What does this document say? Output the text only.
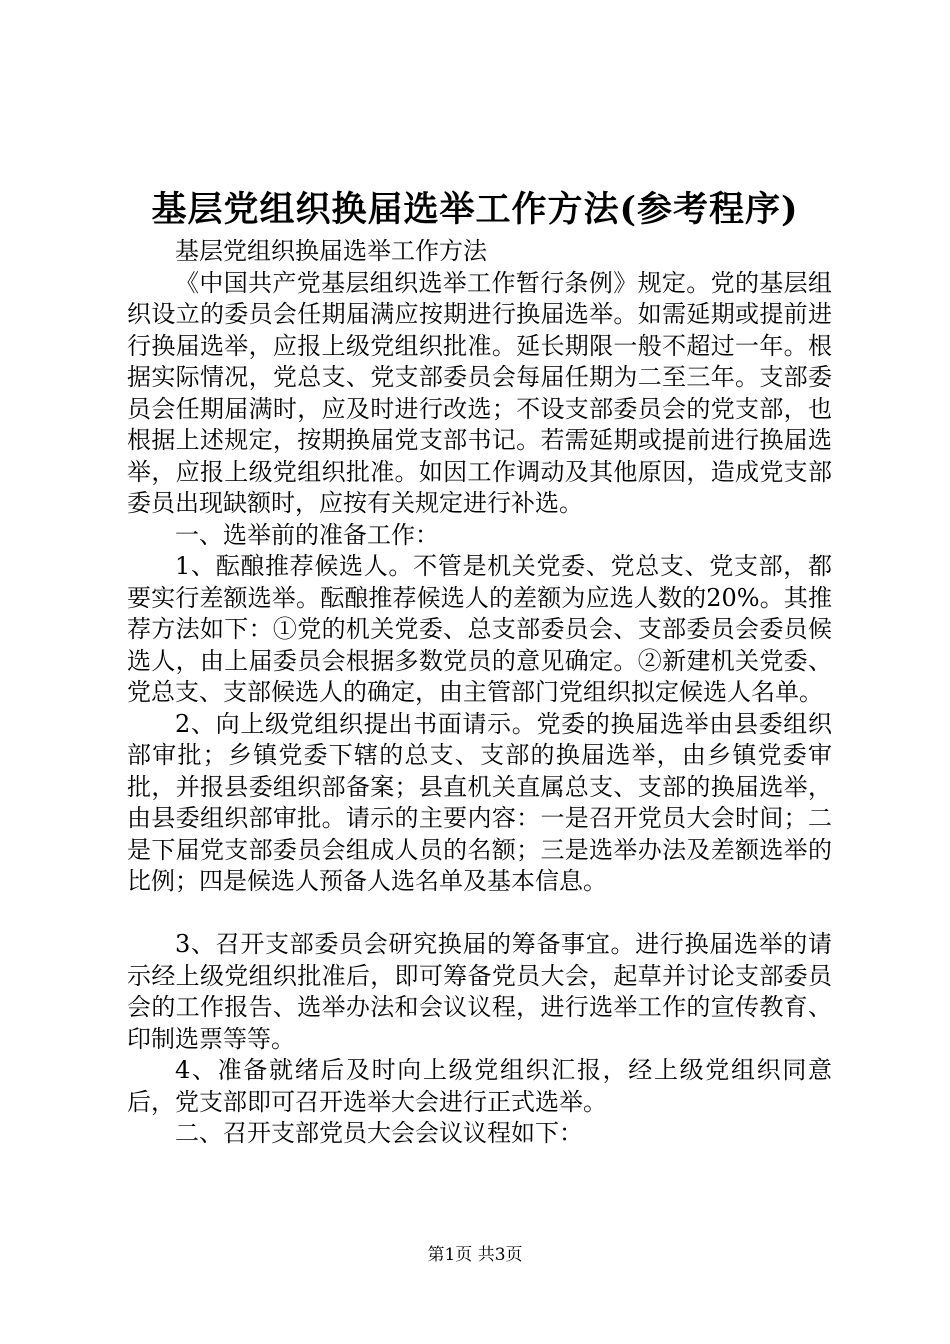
基层党组织换届选举工作方法(参考程序)

基层党组织换届选举工作方法

《中国共产党基层组织选举工作暂行条例》规定。党的基层组织设立的委员会任期届满应按期进行换届选举。如需延期或提前进行换届选举，应报上级党组织批准。延长期限一般不超过一年。根据实际情况，党总支、党支部委员会每届任期为二至三年。支部委员会任期届满时，应及时进行改选；不设支部委员会的党支部，也根据上述规定，按期换届党支部书记。若需延期或提前进行换届选举，应报上级党组织批准。如因工作调动及其他原因，造成党支部委员出现缺额时，应按有关规定进行补选。

一、选举前的准备工作：

1、酝酿推荐候选人。不管是机关党委、党总支、党支部，都要实行差额选举。酝酿推荐候选人的差额为应选人数的20%。其推荐方法如下：①党的机关党委、总支部委员会、支部委员会委员候选人，由上届委员会根据多数党员的意见确定。②新建机关党委、党总支、支部候选人的确定，由主管部门党组织拟定候选人名单。

2、向上级党组织提出书面请示。党委的换届选举由县委组织部审批；乡镇党委下辖的总支、支部的换届选举，由乡镇党委审批，并报县委组织部备案；县直机关直属总支、支部的换届选举，由县委组织部审批。请示的主要内容：一是召开党员大会时间；二是下届党支部委员会组成人员的名额；三是选举办法及差额选举的比例；四是候选人预备人选名单及基本信息。

3、召开支部委员会研究换届的筹备事宜。进行换届选举的请示经上级党组织批准后，即可筹备党员大会，起草并讨论支部委员会的工作报告、选举办法和会议议程，进行选举工作的宣传教育、印制选票等等。

4、准备就绪后及时向上级党组织汇报，经上级党组织同意后，党支部即可召开选举大会进行正式选举。

二、召开支部党员大会会议议程如下：

第1页 共3页
